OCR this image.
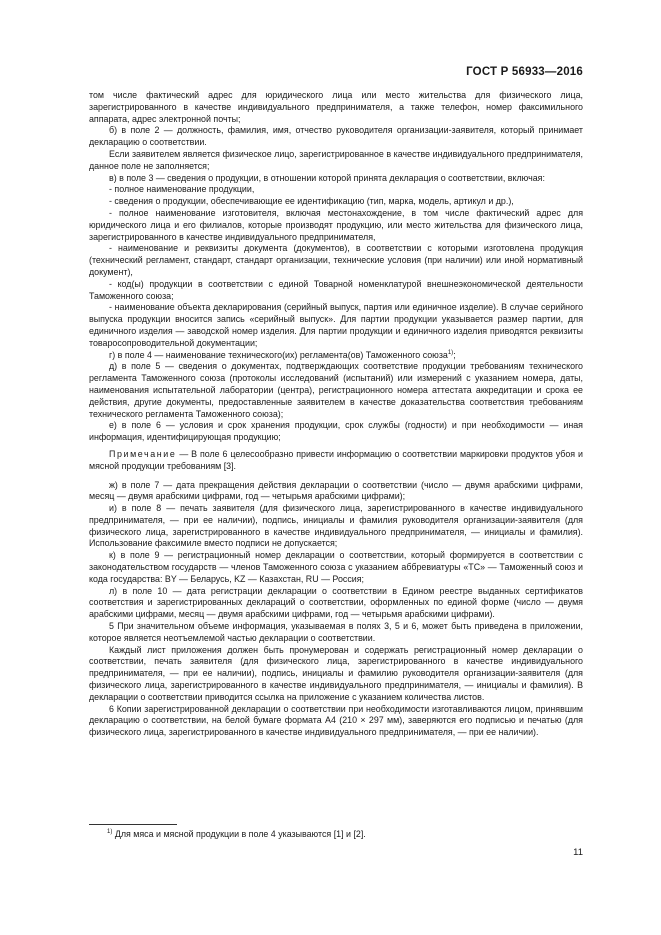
ГОСТ Р 56933—2016

том числе фактический адрес для юридического лица или место жительства для физического лица, зарегистрированного в качестве индивидуального предпринимателя, а также телефон, номер факсимильного аппарата, адрес электронной почты;

б) в поле 2 — должность, фамилия, имя, отчество руководителя организации-заявителя, который принимает декларацию о соответствии.

Если заявителем является физическое лицо, зарегистрированное в качестве индивидуального предпринимателя, данное поле не заполняется;

в) в поле 3 — сведения о продукции, в отношении которой принята декларация о соответствии, включая:

- полное наименование продукции,

- сведения о продукции, обеспечивающие ее идентификацию (тип, марка, модель, артикул и др.),

- полное наименование изготовителя, включая местонахождение, в том числе фактический адрес для юридического лица и его филиалов, которые производят продукцию, или место жительства для физического лица, зарегистрированного в качестве индивидуального предпринимателя,

- наименование и реквизиты документа (документов), в соответствии с которыми изготовлена продукция (технический регламент, стандарт, стандарт организации, технические условия (при наличии) или иной нормативный документ),

- код(ы) продукции в соответствии с единой Товарной номенклатурой внешнеэкономической деятельности Таможенного союза;

- наименование объекта декларирования (серийный выпуск, партия или единичное изделие). В случае серийного выпуска продукции вносится запись «серийный выпуск». Для партии продукции указывается размер партии, для единичного изделия — заводской номер изделия. Для партии продукции и единичного изделия приводятся реквизиты товаросопроводительной документации;

г) в поле 4 — наименование технического(их) регламента(ов) Таможенного союза$^{1)}$;

д) в поле 5 — сведения о документах, подтверждающих соответствие продукции требованиям технического регламента Таможенного союза (протоколы исследований (испытаний) или измерений с указанием номера, даты, наименования испытательной лаборатории (центра), регистрационного номера аттестата аккредитации и срока ее действия, другие документы, предоставленные заявителем в качестве доказательства соответствия требованиям технического регламента Таможенного союза);

е) в поле 6 — условия и срок хранения продукции, срок службы (годности) и при необходимости — иная информация, идентифицирующая продукцию;

Примечание — В поле 6 целесообразно привести информацию о соответствии маркировки продуктов убоя и мясной продукции требованиям [3].

ж) в поле 7 — дата прекращения действия декларации о соответствии (число — двумя арабскими цифрами, месяц — двумя арабскими цифрами, год — четырьмя арабскими цифрами);

и) в поле 8 — печать заявителя (для физического лица, зарегистрированного в качестве индивидуального предпринимателя, — при ее наличии), подпись, инициалы и фамилия руководителя организации-заявителя (для физического лица, зарегистрированного в качестве индивидуального предпринимателя, — инициалы и фамилия). Использование факсимиле вместо подписи не допускается;

к) в поле 9 — регистрационный номер декларации о соответствии, который формируется в соответствии с законодательством государств — членов Таможенного союза с указанием аббревиатуры «ТС» — Таможенный союз и кода государства: BY — Беларусь, KZ — Казахстан, RU — Россия;

л) в поле 10 — дата регистрации декларации о соответствии в Едином реестре выданных сертификатов соответствия и зарегистрированных деклараций о соответствии, оформленных по единой форме (число — двумя арабскими цифрами, месяц — двумя арабскими цифрами, год — четырьмя арабскими цифрами).

5 При значительном объеме информация, указываемая в полях 3, 5 и 6, может быть приведена в приложении, которое является неотъемлемой частью декларации о соответствии.

Каждый лист приложения должен быть пронумерован и содержать регистрационный номер декларации о соответствии, печать заявителя (для физического лица, зарегистрированного в качестве индивидуального предпринимателя, — при ее наличии), подпись, инициалы и фамилию руководителя организации-заявителя (для физического лица, зарегистрированного в качестве индивидуального предпринимателя, — инициалы и фамилия). В декларации о соответствии приводится ссылка на приложение с указанием количества листов.

6 Копии зарегистрированной декларации о соответствии при необходимости изготавливаются лицом, принявшим декларацию о соответствии, на белой бумаге формата А4 (210 × 297 мм), заверяются его подписью и печатью (для физического лица, зарегистрированного в качестве индивидуального предпринимателя, — при ее наличии).

$^{1)}$ Для мяса и мясной продукции в поле 4 указываются [1] и [2].
11
